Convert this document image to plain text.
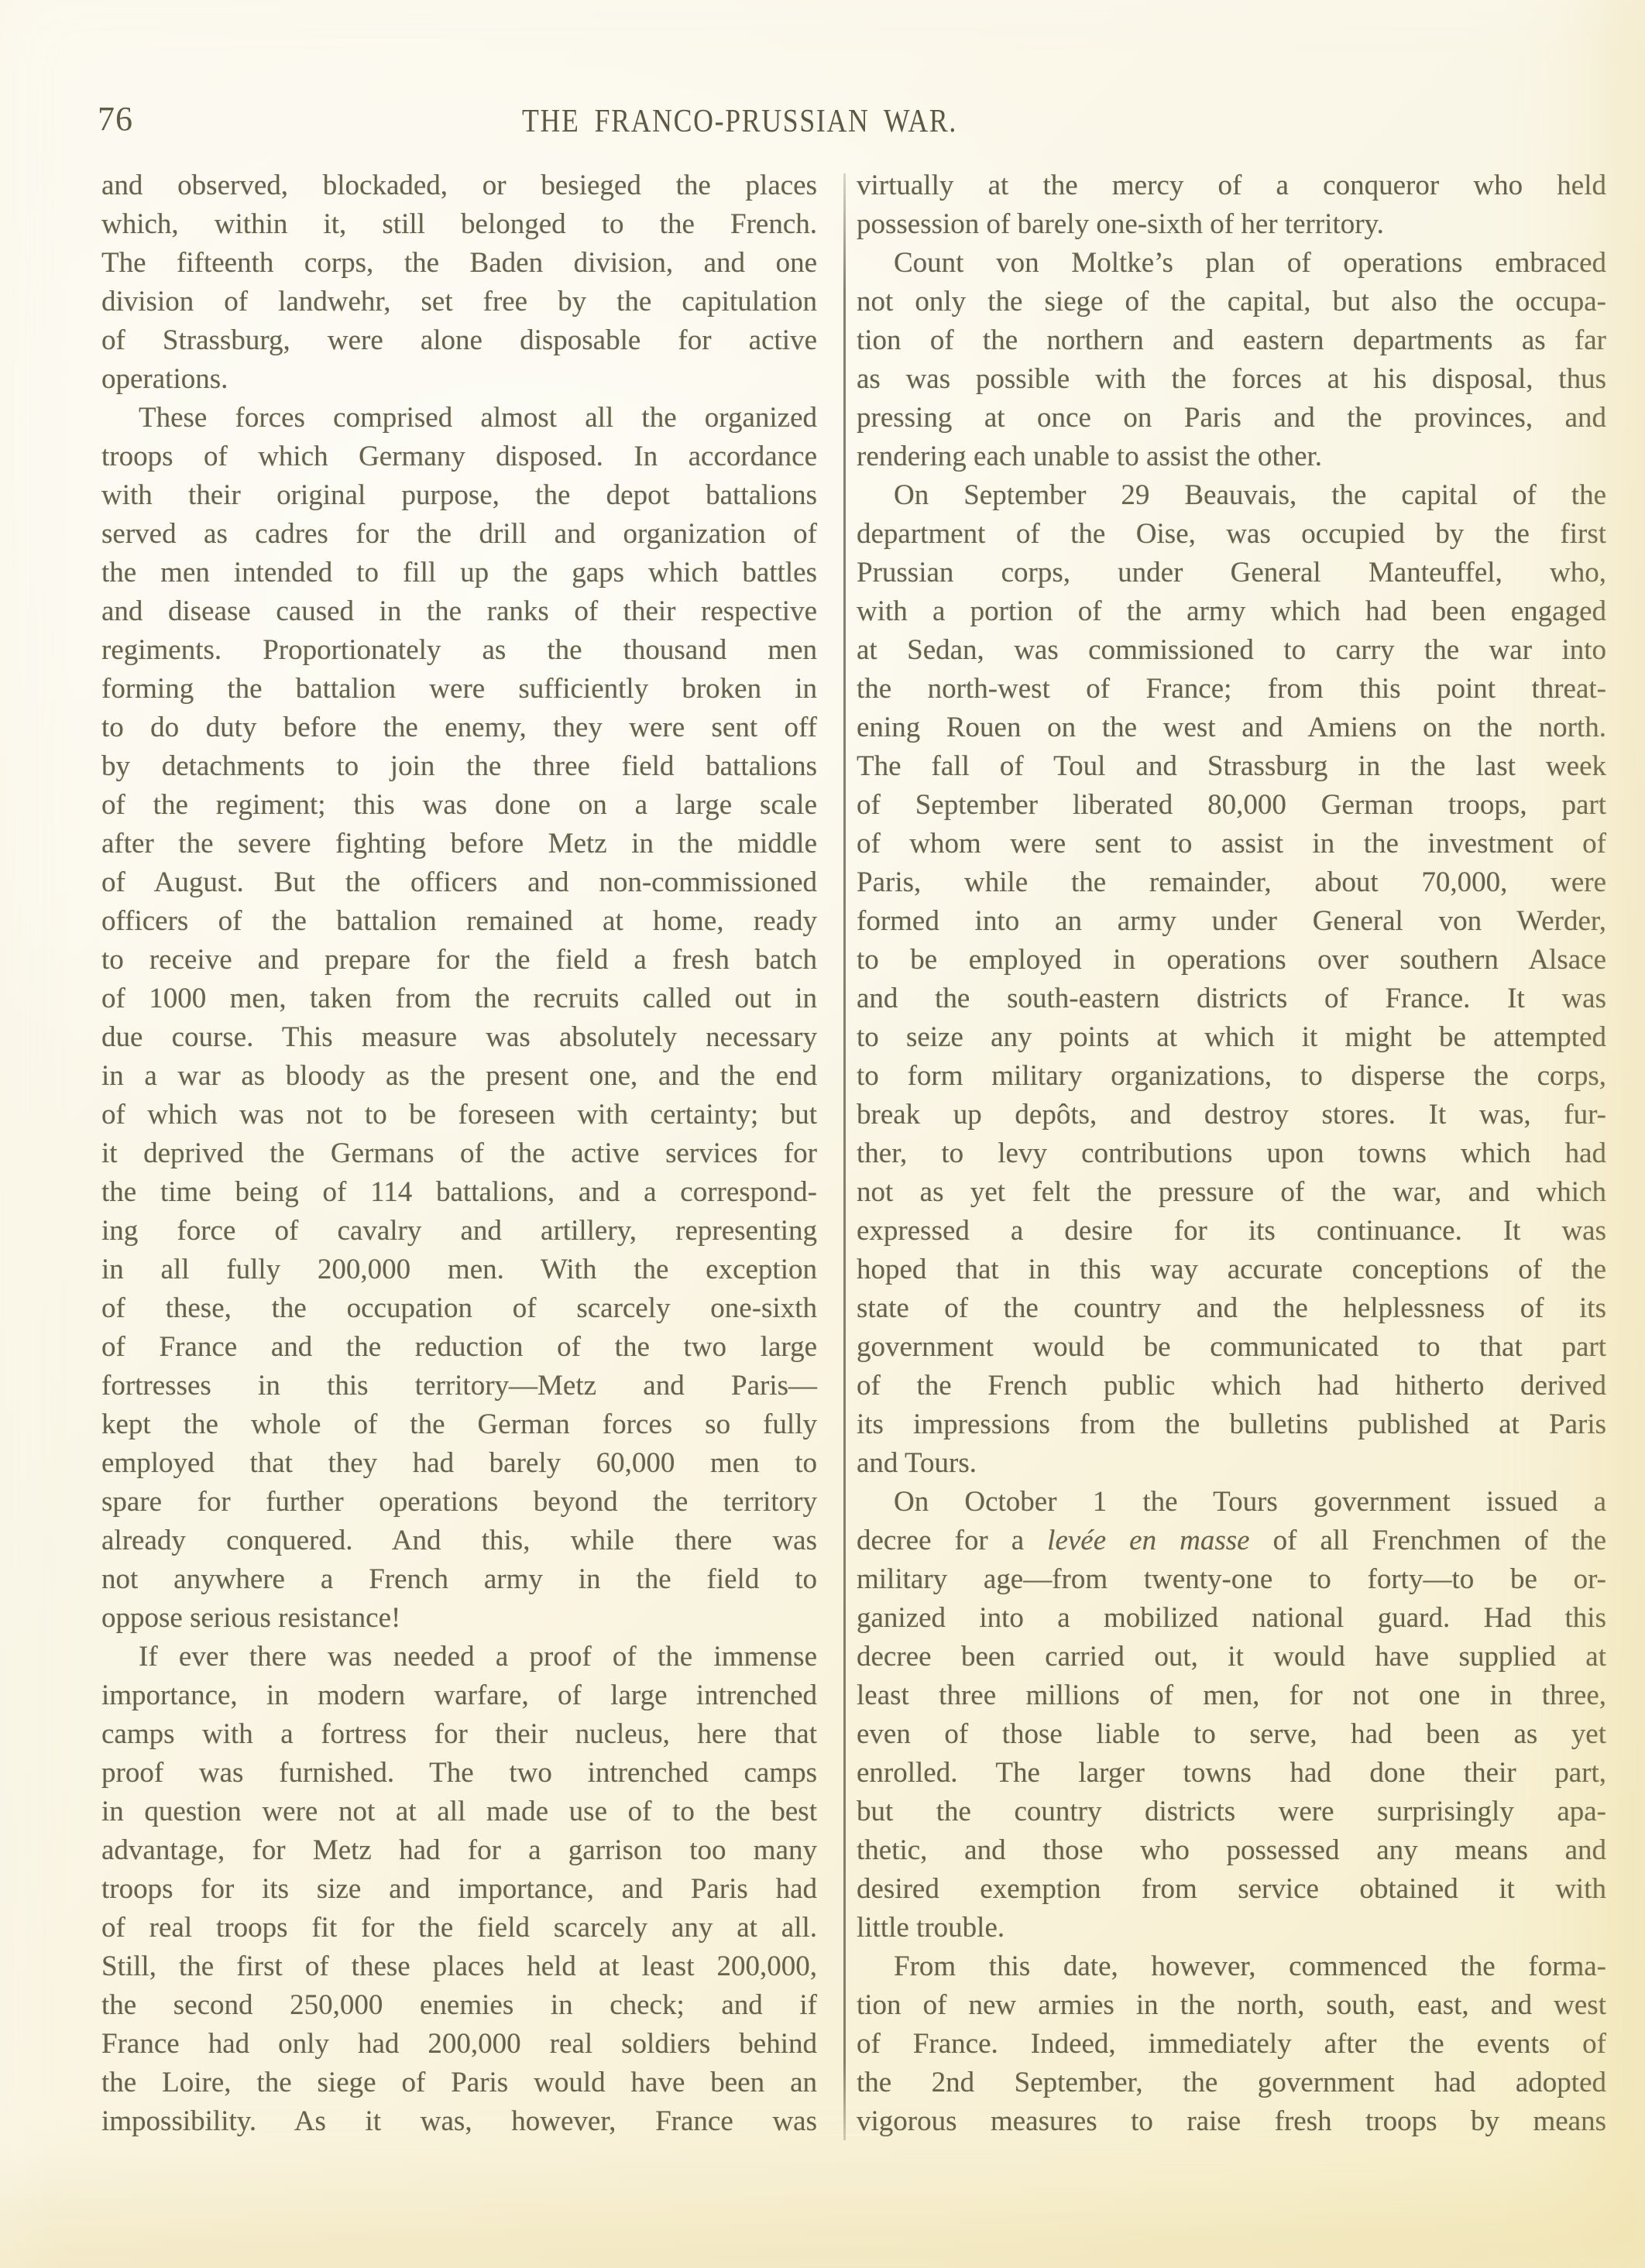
76	THE FRANCO-PRUSSIAN WAR.

and observed, blockaded, or besieged the places
which, within it, still belonged to the French.
The fifteenth corps, the Baden division, and one
division of landwehr, set free by the capitulation
of Strassburg, were alone disposable for active
operations.

These forces comprised almost all the organized
troops of which Germany disposed. In accordance
with their original purpose, the depot battalions
served as cadres for the drill and organization of
the men intended to fill up the gaps which battles
and disease caused in the ranks of their respective
regiments. Proportionately as the thousand men
forming the battalion were sufficiently broken in
to do duty before the enemy, they were sent off
by detachments to join the three field battalions
of the regiment; this was done on a large scale
after the severe fighting before Metz in the middle
of August. But the officers and non-commissioned
officers of the battalion remained at home, ready
to receive and prepare for the field a fresh batch
of 1000 men, taken from the recruits called out in
due course. This measure was absolutely necessary
in a war as bloody as the present one, and the end
of which was not to be foreseen with certainty; but
it deprived the Germans of the active services for
the time being of 114 battalions, and a correspond-
ing force of cavalry and artillery, representing
in all fully 200,000 men. With the exception
of these, the occupation of scarcely one-sixth
of France and the reduction of the two large
fortresses in this territory—Metz and Paris—
kept the whole of the German forces so fully
employed that they had barely 60,000 men to
spare for further operations beyond the territory
already conquered. And this, while there was
not anywhere a French army in the field to
oppose serious resistance!

If ever there was needed a proof of the immense
importance, in modern warfare, of large intrenched
camps with a fortress for their nucleus, here that
proof was furnished. The two intrenched camps
in question were not at all made use of to the best
advantage, for Metz had for a garrison too many
troops for its size and importance, and Paris had
of real troops fit for the field scarcely any at all.
Still, the first of these places held at least 200,000,
the second 250,000 enemies in check; and if
France had only had 200,000 real soldiers behind
the Loire, the siege of Paris would have been an
impossibility. As it was, however, France was

virtually at the mercy of a conqueror who held
possession of barely one-sixth of her territory.

Count von Moltke’s plan of operations embraced
not only the siege of the capital, but also the occupa-
tion of the northern and eastern departments as far
as was possible with the forces at his disposal, thus
pressing at once on Paris and the provinces, and
rendering each unable to assist the other.

On September 29 Beauvais, the capital of the
department of the Oise, was occupied by the first
Prussian corps, under General Manteuffel, who,
with a portion of the army which had been engaged
at Sedan, was commissioned to carry the war into
the north-west of France; from this point threat-
ening Rouen on the west and Amiens on the north.
The fall of Toul and Strassburg in the last week
of September liberated 80,000 German troops, part
of whom were sent to assist in the investment of
Paris, while the remainder, about 70,000, were
formed into an army under General von Werder,
to be employed in operations over southern Alsace
and the south-eastern districts of France. It was
to seize any points at which it might be attempted
to form military organizations, to disperse the corps,
break up depôts, and destroy stores. It was, fur-
ther, to levy contributions upon towns which had
not as yet felt the pressure of the war, and which
expressed a desire for its continuance. It was
hoped that in this way accurate conceptions of the
state of the country and the helplessness of its
government would be communicated to that part
of the French public which had hitherto derived
its impressions from the bulletins published at Paris
and Tours.

On October 1 the Tours government issued a
decree for a levée en masse of all Frenchmen of the
military age—from twenty-one to forty—to be or-
ganized into a mobilized national guard. Had this
decree been carried out, it would have supplied at
least three millions of men, for not one in three,
even of those liable to serve, had been as yet
enrolled. The larger towns had done their part,
but the country districts were surprisingly apa-
thetic, and those who possessed any means and
desired exemption from service obtained it with
little trouble.

From this date, however, commenced the forma-
tion of new armies in the north, south, east, and west
of France. Indeed, immediately after the events of
the 2nd September, the government had adopted
vigorous measures to raise fresh troops by means
